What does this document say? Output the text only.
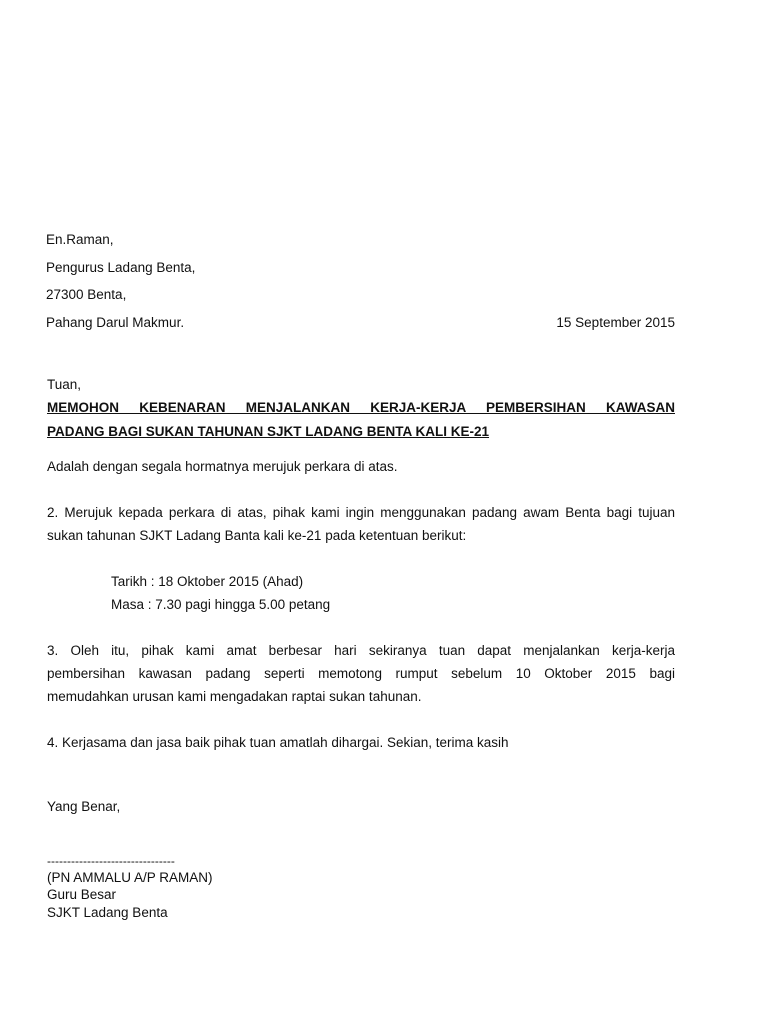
En.Raman,
Pengurus Ladang Benta,
27300 Benta,
Pahang Darul Makmur.	15 September 2015
Tuan,
MEMOHON KEBENARAN MENJALANKAN KERJA-KERJA PEMBERSIHAN KAWASAN
PADANG BAGI SUKAN TAHUNAN SJKT LADANG BENTA KALI KE-21
Adalah dengan segala hormatnya merujuk perkara di atas.
2. Merujuk kepada perkara di atas, pihak kami ingin menggunakan padang awam Benta bagi tujuan
sukan tahunan SJKT Ladang Banta kali ke-21 pada ketentuan berikut:
Tarikh : 18 Oktober 2015 (Ahad)
Masa : 7.30 pagi hingga 5.00 petang
3. Oleh itu, pihak kami amat berbesar hari sekiranya tuan dapat menjalankan kerja-kerja
pembersihan kawasan padang seperti memotong rumput sebelum 10 Oktober 2015 bagi
memudahkan urusan kami mengadakan raptai sukan tahunan.
4. Kerjasama dan jasa baik pihak tuan amatlah dihargai. Sekian, terima kasih
Yang Benar,
--------------------------------
(PN AMMALU A/P RAMAN)
Guru Besar
SJKT Ladang Benta
